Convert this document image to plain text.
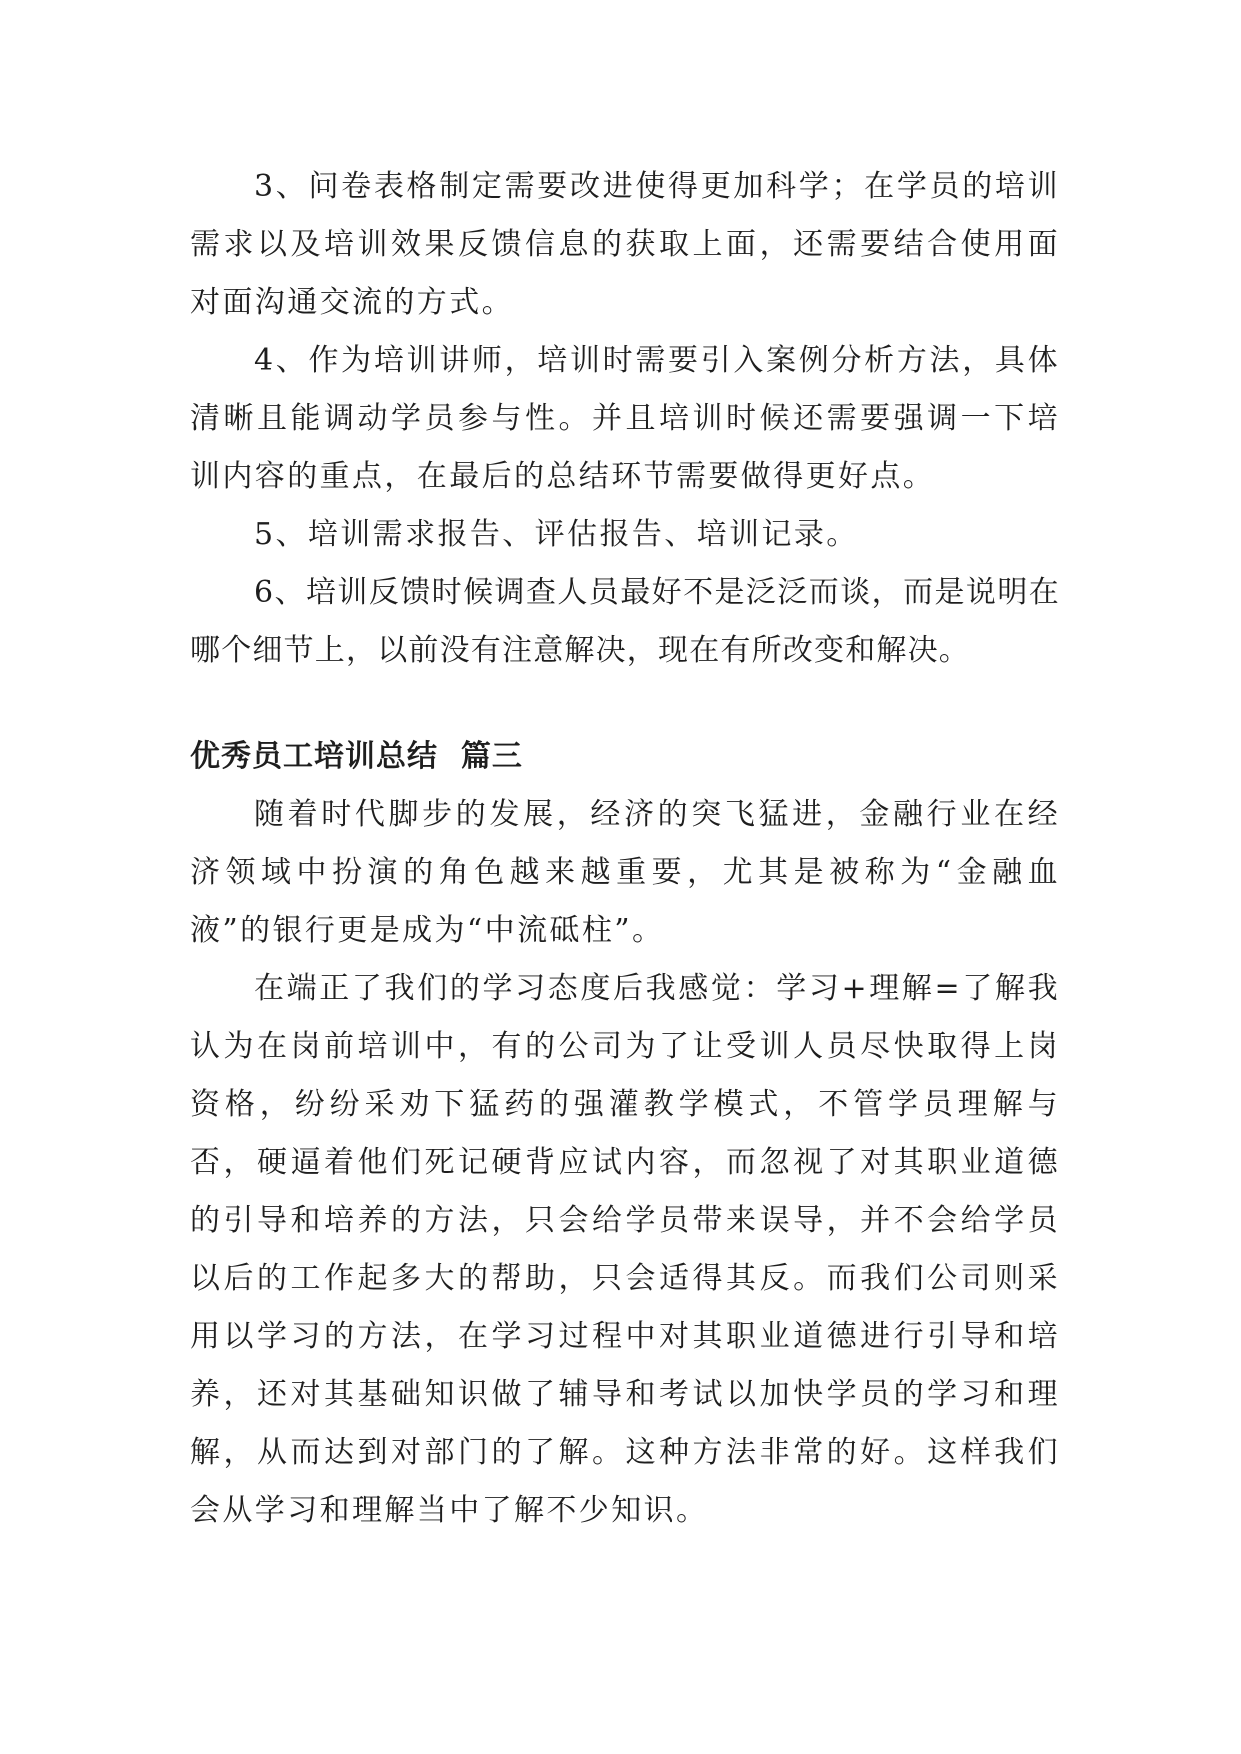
3、问卷表格制定需要改进使得更加科学；在学员的培训需求以及培训效果反馈信息的获取上面，还需要结合使用面对面沟通交流的方式。

4、作为培训讲师，培训时需要引入案例分析方法，具体清晰且能调动学员参与性。并且培训时候还需要强调一下培训内容的重点，在最后的总结环节需要做得更好点。

5、培训需求报告、评估报告、培训记录。

6、培训反馈时候调查人员最好不是泛泛而谈，而是说明在哪个细节上，以前没有注意解决，现在有所改变和解决。

优秀员工培训总结  篇三

随着时代脚步的发展，经济的突飞猛进，金融行业在经济领域中扮演的角色越来越重要，尤其是被称为“金融血液”的银行更是成为“中流砥柱”。

在端正了我们的学习态度后我感觉：学习+理解=了解我认为在岗前培训中，有的公司为了让受训人员尽快取得上岗资格，纷纷采劝下猛药的强灌教学模式，不管学员理解与否，硬逼着他们死记硬背应试内容，而忽视了对其职业道德的引导和培养的方法，只会给学员带来误导，并不会给学员以后的工作起多大的帮助，只会适得其反。而我们公司则采用以学习的方法，在学习过程中对其职业道德进行引导和培养，还对其基础知识做了辅导和考试以加快学员的学习和理解，从而达到对部门的了解。这种方法非常的好。这样我们会从学习和理解当中了解不少知识。
